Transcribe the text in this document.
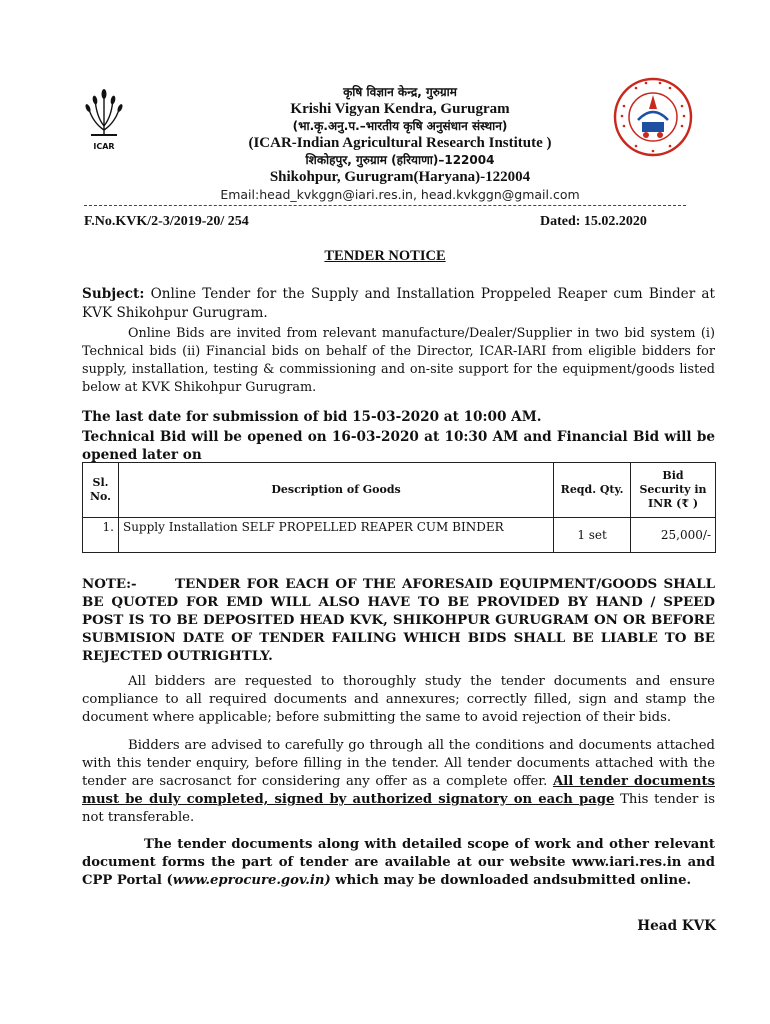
ICAR
कृषि विज्ञान केन्द्र, गुरुग्राम
Krishi Vigyan Kendra, Gurugram
(भा.कृ.अनु.प.–भारतीय कृषि अनुसंधान संस्थान)
(ICAR-Indian Agricultural Research Institute )
शिकोहपुर, गुरुग्राम (हरियाणा)–122004
Shikohpur, Gurugram(Haryana)-122004
Email:head_kvkggn@iari.res.in, head.kvkggn@gmail.com
F.No.KVK/2-3/2019-20/ 254	Dated: 15.02.2020
TENDER NOTICE
Subject: Online Tender for the Supply and Installation Proppeled Reaper cum Binder at KVK Shikohpur Gurugram.
Online Bids are invited from relevant manufacture/Dealer/Supplier in two bid system (i) Technical bids (ii) Financial bids on behalf of the Director, ICAR-IARI from eligible bidders for supply, installation, testing & commissioning and on-site support for the equipment/goods listed below at KVK Shikohpur Gurugram.
The last date for submission of bid 15-03-2020 at 10:00 AM.
Technical Bid will be opened on 16-03-2020 at 10:30 AM and Financial Bid will be opened later on
Sl. No.	Description of Goods	Reqd. Qty.	Bid Security in INR (₹ )
1.	Supply Installation SELF PROPELLED REAPER CUM BINDER	1 set	25,000/-
NOTE:-	TENDER FOR EACH OF THE AFORESAID EQUIPMENT/GOODS SHALL BE QUOTED FOR EMD WILL ALSO HAVE TO BE PROVIDED BY HAND / SPEED POST IS TO BE DEPOSITED HEAD KVK, SHIKOHPUR GURUGRAM ON OR BEFORE SUBMISION DATE OF TENDER FAILING WHICH BIDS SHALL BE LIABLE TO BE REJECTED OUTRIGHTLY.
All bidders are requested to thoroughly study the tender documents and ensure compliance to all required documents and annexures; correctly filled, sign and stamp the document where applicable; before submitting the same to avoid rejection of their bids.
Bidders are advised to carefully go through all the conditions and documents attached with this tender enquiry, before filling in the tender. All tender documents attached with the tender are sacrosanct for considering any offer as a complete offer. All tender documents must be duly completed, signed by authorized signatory on each page This tender is not transferable.
The tender documents along with detailed scope of work and other relevant document forms the part of tender are available at our website www.iari.res.in and CPP Portal (www.eprocure.gov.in) which may be downloaded andsubmitted online.
Head KVK
